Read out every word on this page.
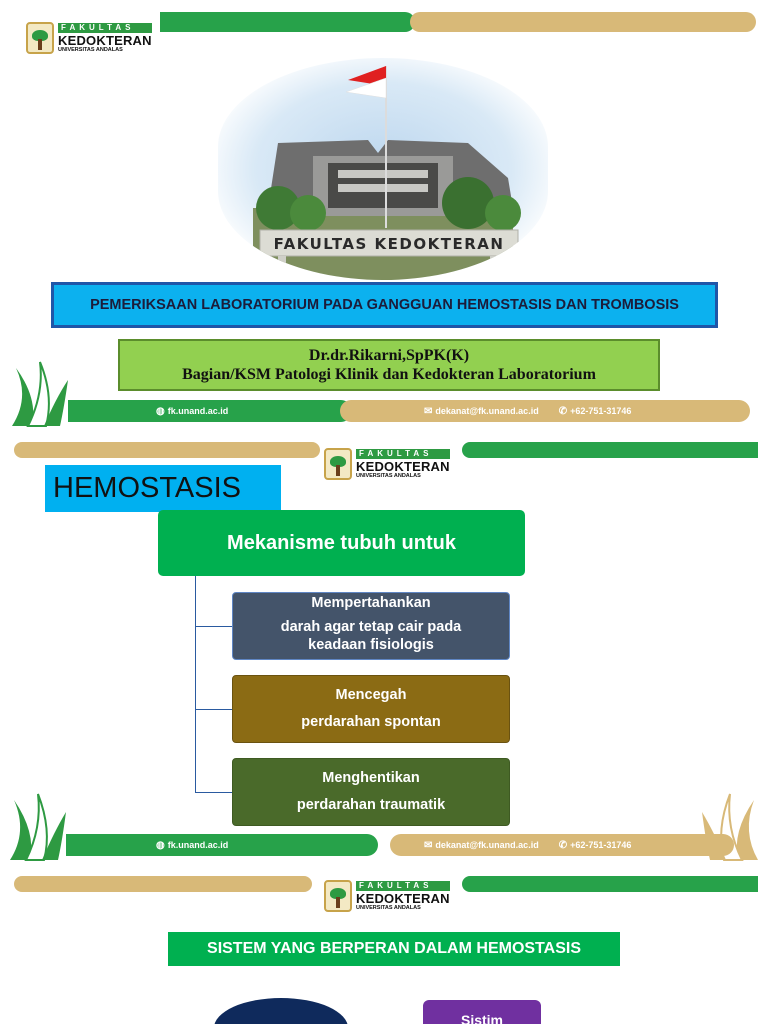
FAKULTAS
KEDOKTERAN
UNIVERSITAS ANDALAS
FAKULTAS KEDOKTERAN
PEMERIKSAAN LABORATORIUM PADA GANGGUAN HEMOSTASIS DAN TROMBOSIS
Dr.dr.Rikarni,SpPK(K)
Bagian/KSM Patologi Klinik dan Kedokteran Laboratorium
◍ fk.unand.ac.id	✉ dekanat@fk.unand.ac.id ✆ +62-751-31746
FAKULTAS
KEDOKTERAN
UNIVERSITAS ANDALAS
HEMOSTASIS
Mekanisme tubuh untuk
Mempertahankan
darah agar tetap cair pada
keadaan fisiologis
Mencegah
perdarahan spontan
Menghentikan
perdarahan traumatik
◍ fk.unand.ac.id	✉ dekanat@fk.unand.ac.id ✆ +62-751-31746
FAKULTAS
KEDOKTERAN
UNIVERSITAS ANDALAS
SISTEM YANG BERPERAN DALAM HEMOSTASIS
Sistim
